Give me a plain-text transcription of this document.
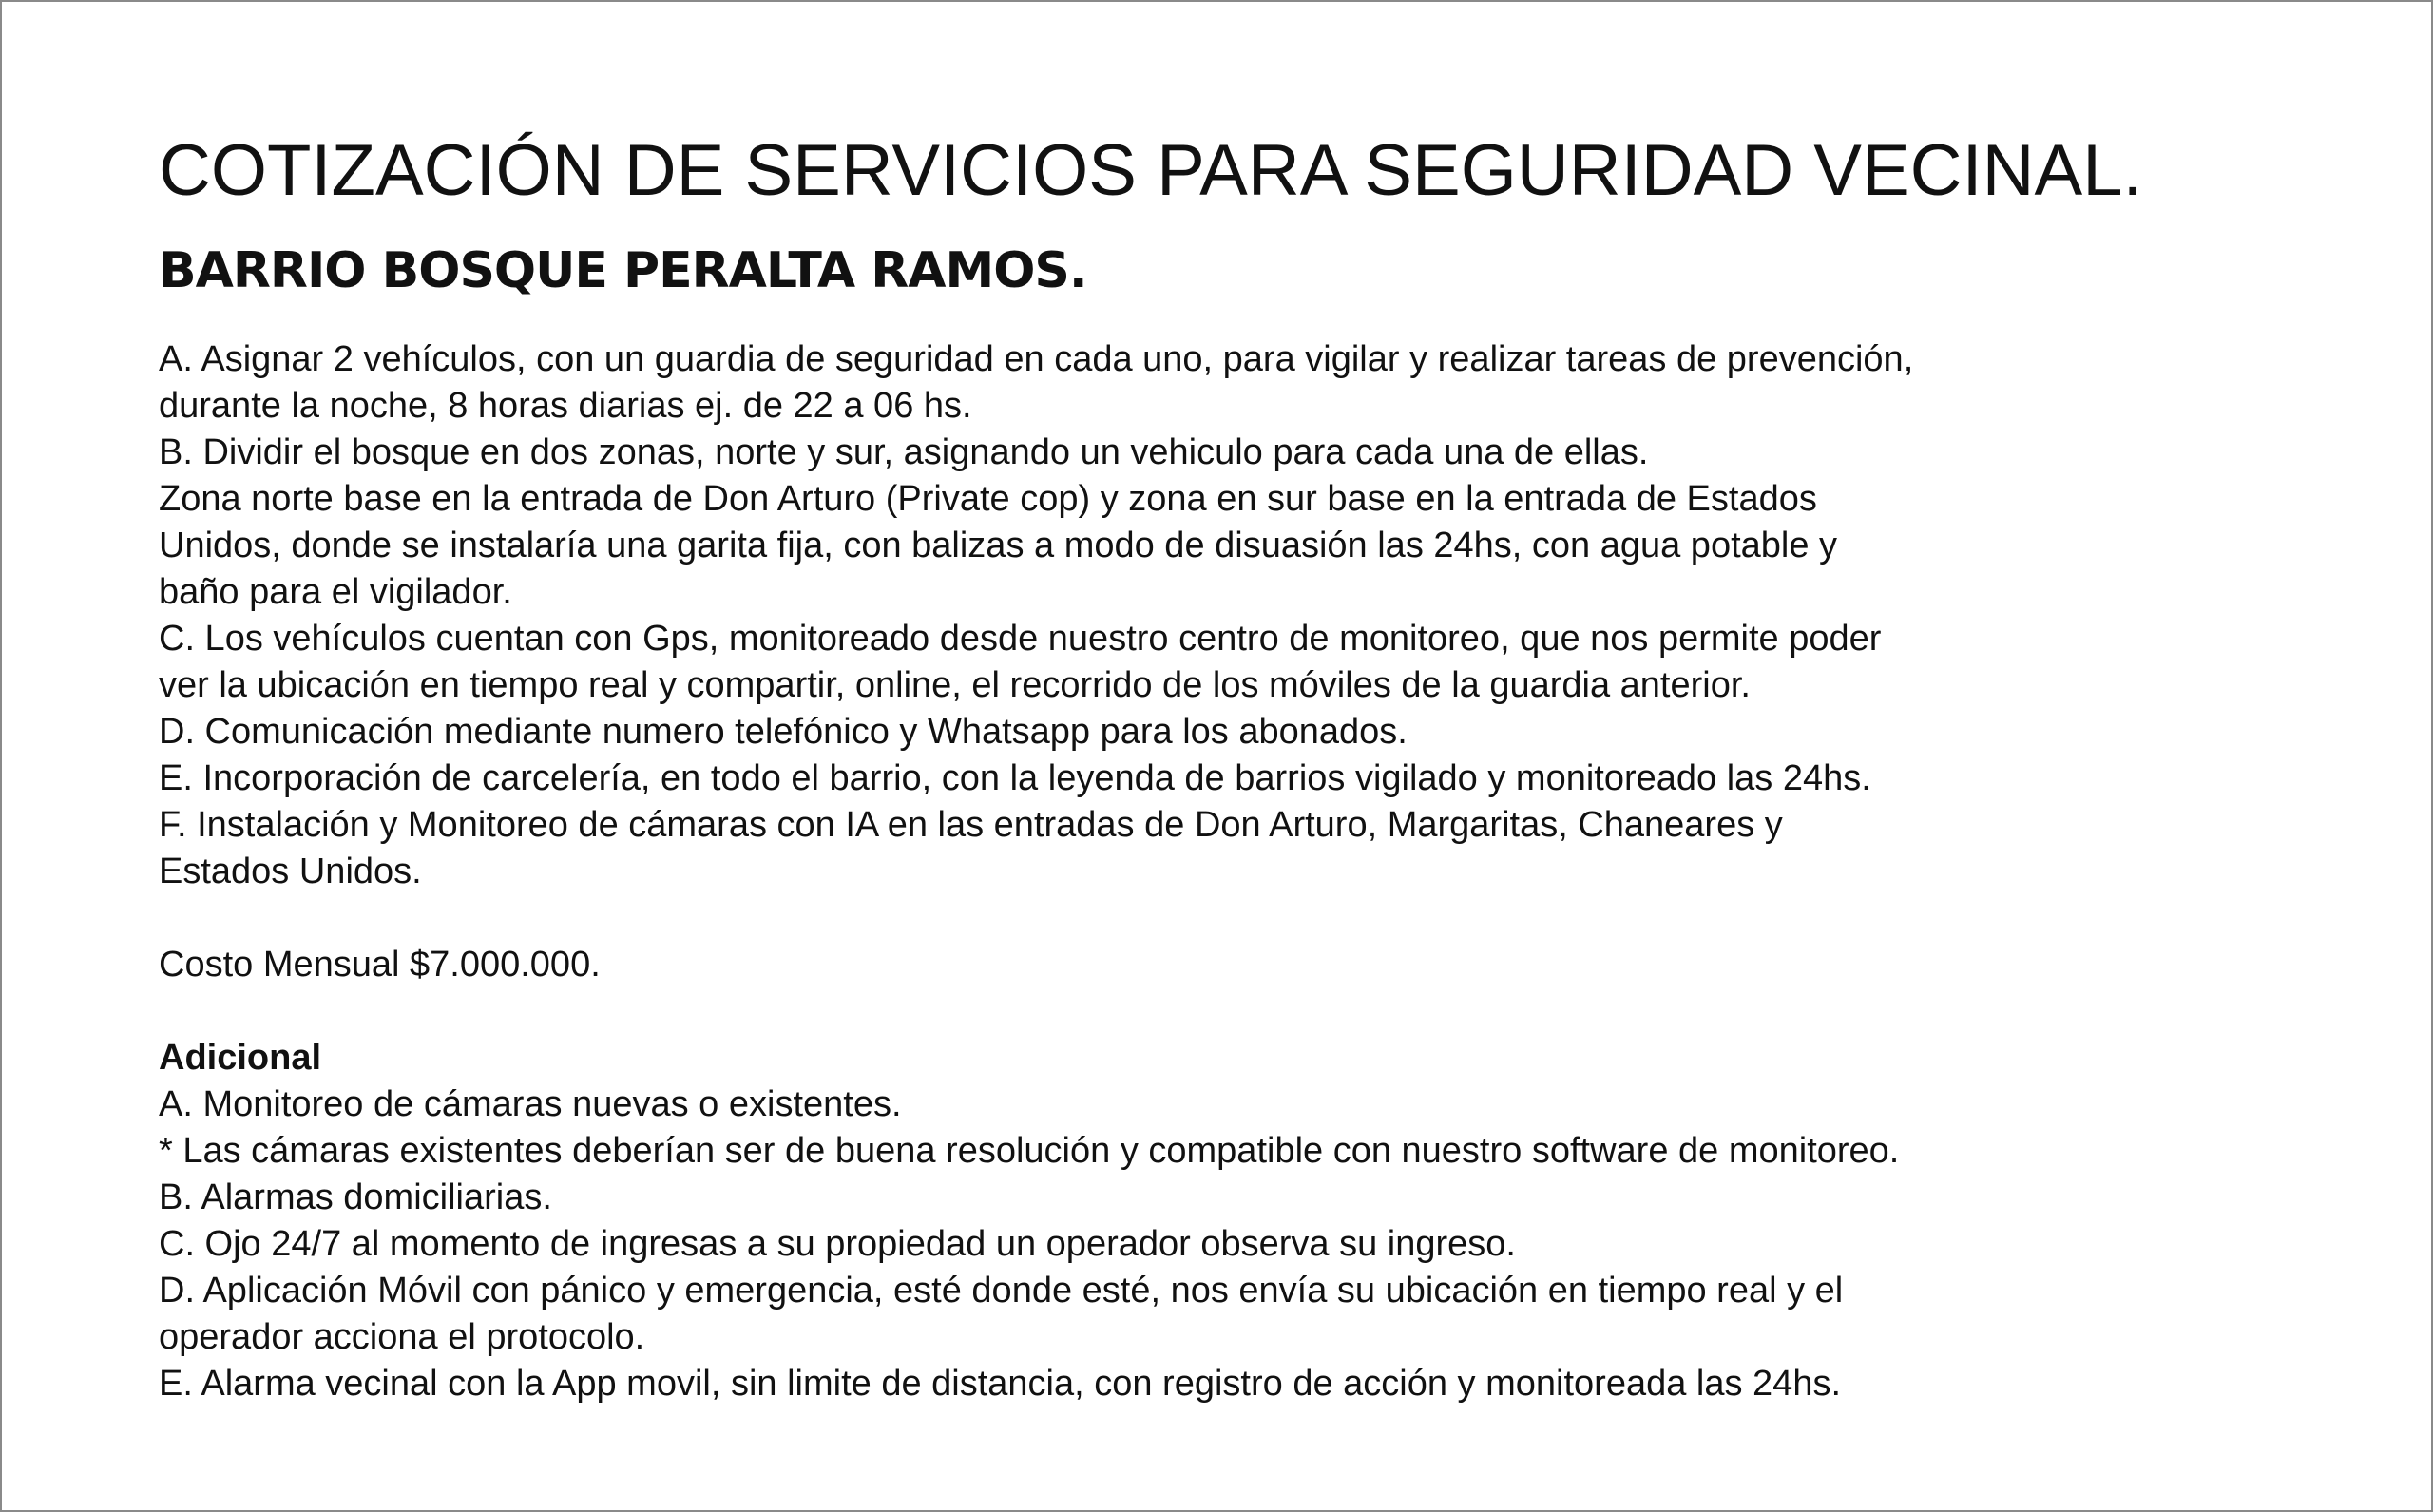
COTIZACIÓN DE SERVICIOS PARA SEGURIDAD VECINAL.
BARRIO BOSQUE PERALTA RAMOS.
A. Asignar 2 vehículos, con un guardia de seguridad en cada uno, para vigilar y realizar tareas de prevención,
durante la noche, 8 horas diarias ej. de 22 a 06 hs.
B. Dividir el bosque en dos zonas, norte y sur, asignando un vehiculo para cada una de ellas.
Zona norte base en la entrada de Don Arturo (Private cop) y zona en sur base en la entrada de Estados
Unidos, donde se instalaría una garita fija, con balizas a modo de disuasión las 24hs, con agua potable y
baño para el vigilador.
C. Los vehículos cuentan con Gps, monitoreado desde nuestro centro de monitoreo, que nos permite poder
ver la ubicación en tiempo real y compartir, online, el recorrido de los móviles de la guardia anterior.
D. Comunicación mediante numero telefónico y Whatsapp para los abonados.
E. Incorporación de carcelería, en todo el barrio, con la leyenda de barrios vigilado y monitoreado las 24hs.
F. Instalación y Monitoreo de cámaras con IA en las entradas de Don Arturo, Margaritas, Chaneares y
Estados Unidos.
Costo Mensual $7.000.000.
Adicional
A. Monitoreo de cámaras nuevas o existentes.
* Las cámaras existentes deberían ser de buena resolución y compatible con nuestro software de monitoreo.
B. Alarmas domiciliarias.
C. Ojo 24/7 al momento de ingresas a su propiedad un operador observa su ingreso.
D. Aplicación Móvil con pánico y emergencia, esté donde esté, nos envía su ubicación en tiempo real y el
operador acciona el protocolo.
E. Alarma vecinal con la App movil, sin limite de distancia, con registro de acción y monitoreada las 24hs.
